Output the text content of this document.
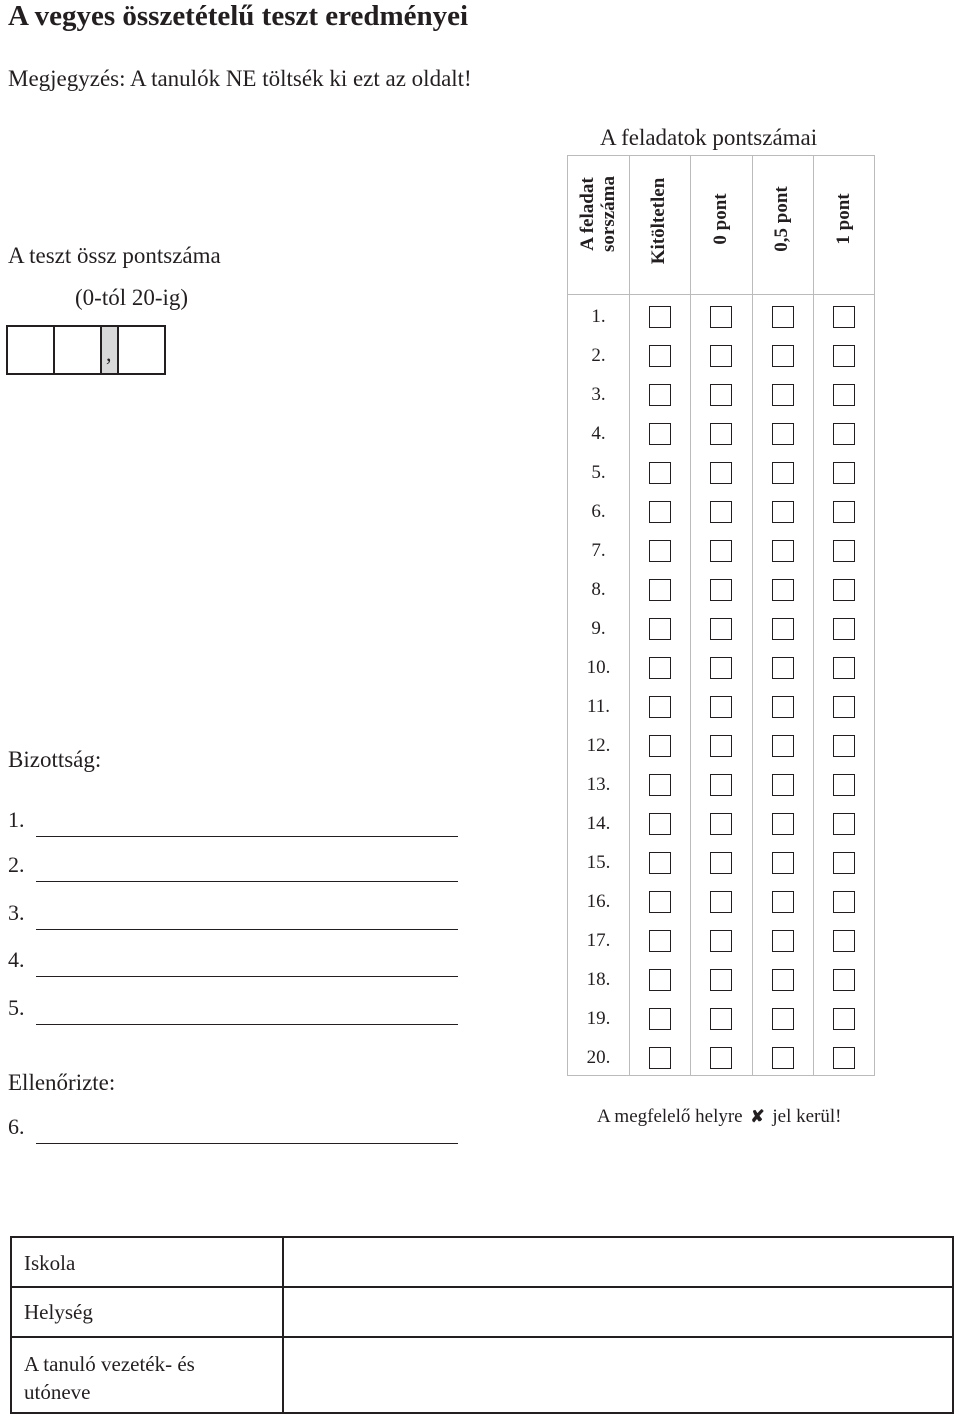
A vegyes összetételű teszt eredményei
Megjegyzés: A tanulók NE töltsék ki ezt az oldalt!
A feladatok pontszámai
A teszt össz pontszáma
(0-tól 20-ig)
,
Bizottság:
1.
2.
3.
4.
5.
Ellenőrizte:
6.
A feladat sorszáma Kitöltetlen 0 pont 0,5 pont 1 pont
1.
2.
3.
4.
5.
6.
7.
8.
9.
10.
11.
12.
13.
14.
15.
16.
17.
18.
19.
20.
A megfelelő helyre ✘ jel kerül!
Iskola
Helység
A tanuló vezeték- és
utóneve
